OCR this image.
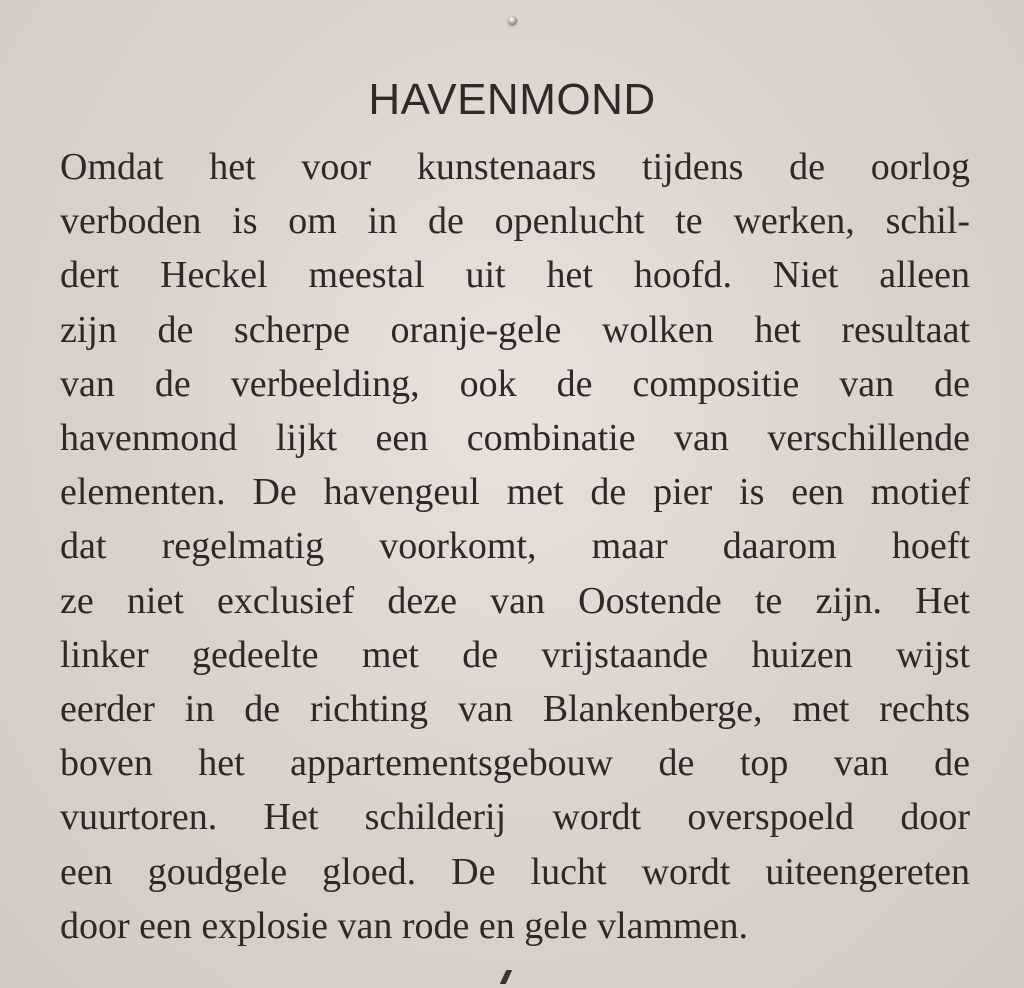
HAVENMOND
Omdat het voor kunstenaars tijdens de oorlog
verboden is om in de openlucht te werken, schil-
dert Heckel meestal uit het hoofd. Niet alleen
zijn de scherpe oranje-gele wolken het resultaat
van de verbeelding, ook de compositie van de
havenmond lijkt een combinatie van verschillende
elementen. De havengeul met de pier is een motief
dat regelmatig voorkomt, maar daarom hoeft
ze niet exclusief deze van Oostende te zijn. Het
linker gedeelte met de vrijstaande huizen wijst
eerder in de richting van Blankenberge, met rechts
boven het appartementsgebouw de top van de
vuurtoren. Het schilderij wordt overspoeld door
een goudgele gloed. De lucht wordt uiteengereten
door een explosie van rode en gele vlammen.
